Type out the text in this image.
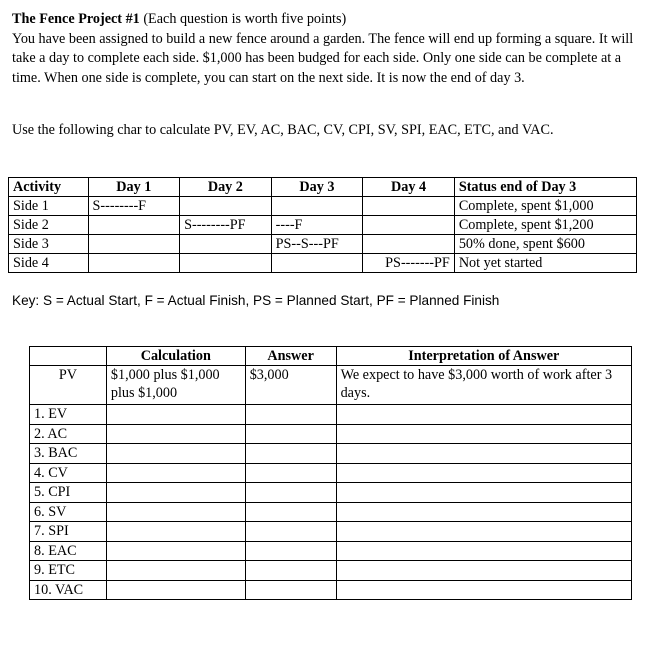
The Fence Project #1 (Each question is worth five points)

You have been assigned to build a new fence around a garden. The fence will end up forming a square. It will take a day to complete each side. $1,000 has been budged for each side. Only one side can be complete at a time. When one side is complete, you can start on the next side. It is now the end of day 3.

Use the following char to calculate PV, EV, AC, BAC, CV, CPI, SV, SPI, EAC, ETC, and VAC.
Activity	Day 1	Day 2	Day 3	Day 4	Status end of Day 3
Side 1	S--------F				Complete, spent $1,000
Side 2		S--------PF	----F		Complete, spent $1,200
Side 3			PS--S---PF		50% done, spent $600
Side 4				PS-------PF	Not yet started
Key: S = Actual Start, F = Actual Finish, PS = Planned Start, PF = Planned Finish
	Calculation	Answer	Interpretation of Answer
PV	$1,000 plus $1,000 plus $1,000	$3,000	We expect to have $3,000 worth of work after 3 days.
1. EV			
2. AC			
3. BAC			
4. CV			
5. CPI			
6. SV			
7. SPI			
8. EAC			
9. ETC			
10. VAC			
